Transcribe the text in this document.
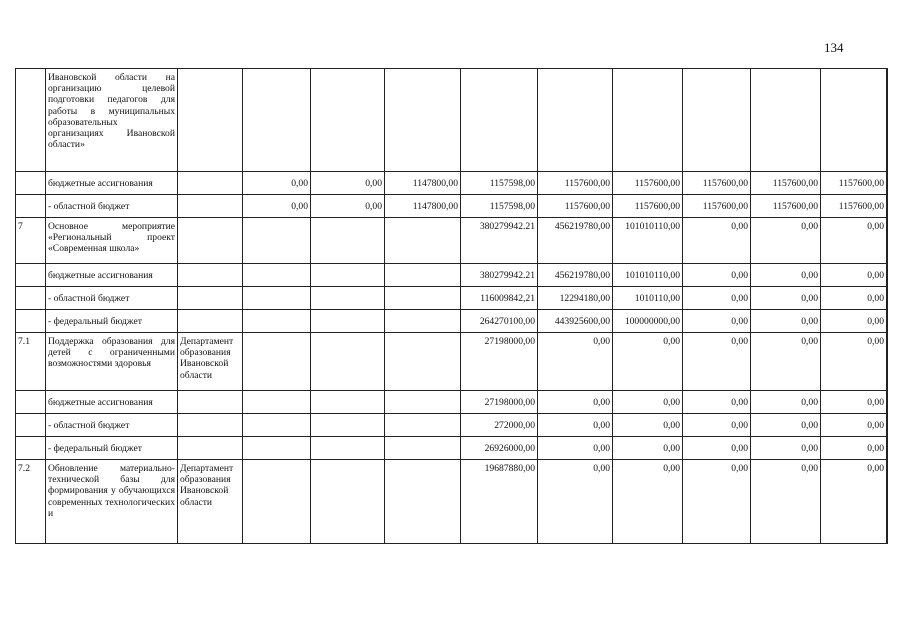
134
	Ивановской области на организацию целевой подготовки педагогов для работы в муниципальных образовательных организациях Ивановской области»											
	бюджетные ассигнования		0,00	0,00	1147800,00	1157598,00	1157600,00	1157600,00	1157600,00	1157600,00	1157600,00	
	- областной бюджет		0,00	0,00	1147800,00	1157598,00	1157600,00	1157600,00	1157600,00	1157600,00	1157600,00	
7	Основное мероприятие «Региональный проект «Современная школа»					380279942.21	456219780,00	101010110,00	0,00	0,00	0,00	
	бюджетные ассигнования					380279942.21	456219780,00	101010110,00	0,00	0,00	0,00	
	- областной бюджет					116009842,21	12294180,00	1010110,00	0,00	0,00	0,00	
	- федеральный бюджет					264270100,00	443925600,00	100000000,00	0,00	0,00	0,00	
7.1	Поддержка образования для детей с ограниченными возможностями здоровья	Департамент образования Ивановской области				27198000,00	0,00	0,00	0,00	0,00	0,00	
	бюджетные ассигнования					27198000,00	0,00	0,00	0,00	0,00	0,00	
	- областной бюджет					272000,00	0,00	0,00	0,00	0,00	0,00	
	- федеральный бюджет					26926000,00	0,00	0,00	0,00	0,00	0,00	
7.2	Обновление материально-технической базы для формирования у обучающихся современных технологических и	Департамент образования Ивановской области				19687880,00	0,00	0,00	0,00	0,00	0,00	
